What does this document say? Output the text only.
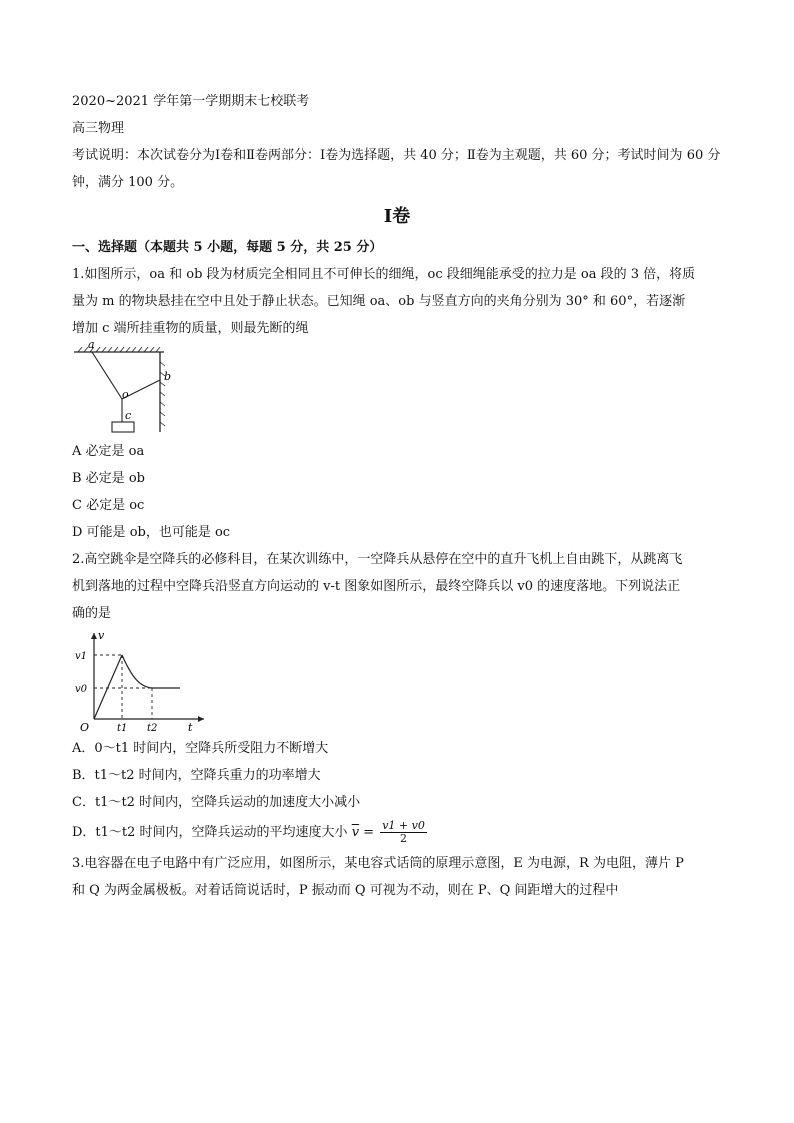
2020~2021 学年第一学期期末七校联考

高三物理

考试说明：本次试卷分为Ⅰ卷和Ⅱ卷两部分：Ⅰ卷为选择题，共 40 分；Ⅱ卷为主观题，共 60 分；考试时间为 60 分钟，满分 100 分。

Ⅰ卷

一、选择题（本题共 5 小题，每题 5 分，共 25 分）

1.如图所示，oa 和 ob 段为材质完全相同且不可伸长的细绳，oc 段细绳能承受的拉力是 oa 段的 3 倍，将质

量为 m 的物块悬挂在空中且处于静止状态。已知绳 oa、ob 与竖直方向的夹角分别为 30° 和 60°，若逐渐

增加 c 端所挂重物的质量，则最先断的绳

a
b
o
c

A 必定是 oa

B 必定是 ob

C 必定是 oc

D 可能是 ob，也可能是 oc

2.高空跳伞是空降兵的必修科目，在某次训练中，一空降兵从悬停在空中的直升飞机上自由跳下，从跳离飞

机到落地的过程中空降兵沿竖直方向运动的 v-t 图象如图所示，最终空降兵以 v0 的速度落地。下列说法正

确的是

v
v1
v0
O	t1 t2	t

A．0～t1 时间内，空降兵所受阻力不断增大

B．t1～t2 时间内，空降兵重力的功率增大

C．t1～t2 时间内，空降兵运动的加速度大小减小

D．t1～t2 时间内，空降兵运动的平均速度大小 $\overline{v} = \frac{v1 + v0}{2}$

3.电容器在电子电路中有广泛应用，如图所示，某电容式话筒的原理示意图，E 为电源，R 为电阻，薄片 P

和 Q 为两金属极板。对着话筒说话时，P 振动而 Q 可视为不动，则在 P、Q 间距增大的过程中
